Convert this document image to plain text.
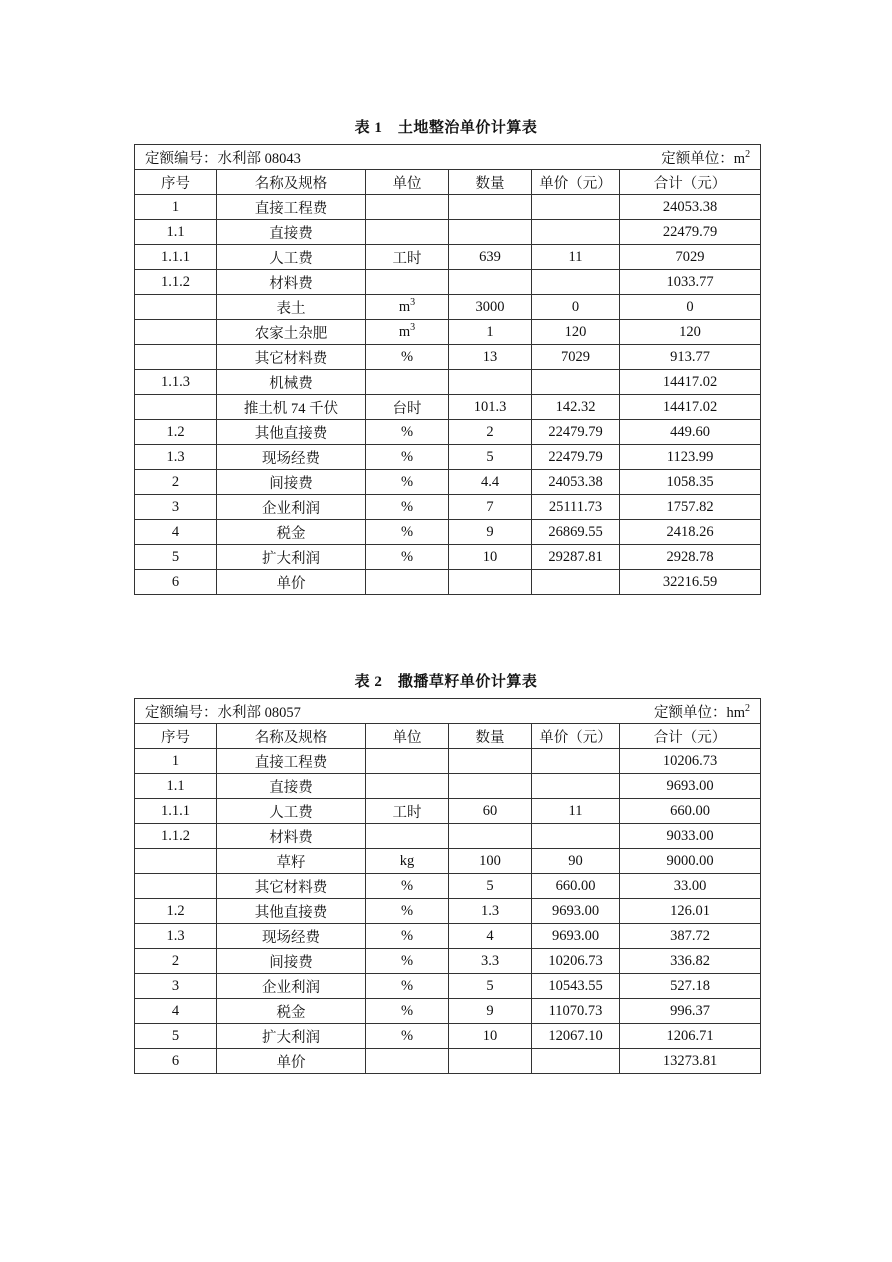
表 1　土地整治单价计算表
定额编号：水利部 08043 定额单位：$m^2$

序号	名称及规格	单位	数量	单价（元）	合计（元）
1	直接工程费				24053.38
1.1	直接费				22479.79
1.1.1	人工费	工时	639	11	7029
1.1.2	材料费				1033.77
	表土	$m^3$	3000	0	0
	农家土杂肥	$m^3$	1	120	120
	其它材料费	%	13	7029	913.77
1.1.3	机械费				14417.02
	推土机 74 千伏	台时	101.3	142.32	14417.02
1.2	其他直接费	%	2	22479.79	449.60
1.3	现场经费	%	5	22479.79	1123.99
2	间接费	%	4.4	24053.38	1058.35
3	企业利润	%	7	25111.73	1757.82
4	税金	%	9	26869.55	2418.26
5	扩大利润	%	10	29287.81	2928.78
6	单价				32216.59
表 2　撒播草籽单价计算表
定额编号：水利部 08057 定额单位：$hm^2$

序号	名称及规格	单位	数量	单价（元）	合计（元）
1	直接工程费				10206.73
1.1	直接费				9693.00
1.1.1	人工费	工时	60	11	660.00
1.1.2	材料费				9033.00
	草籽	kg	100	90	9000.00
	其它材料费	%	5	660.00	33.00
1.2	其他直接费	%	1.3	9693.00	126.01
1.3	现场经费	%	4	9693.00	387.72
2	间接费	%	3.3	10206.73	336.82
3	企业利润	%	5	10543.55	527.18
4	税金	%	9	11070.73	996.37
5	扩大利润	%	10	12067.10	1206.71
6	单价				13273.81
